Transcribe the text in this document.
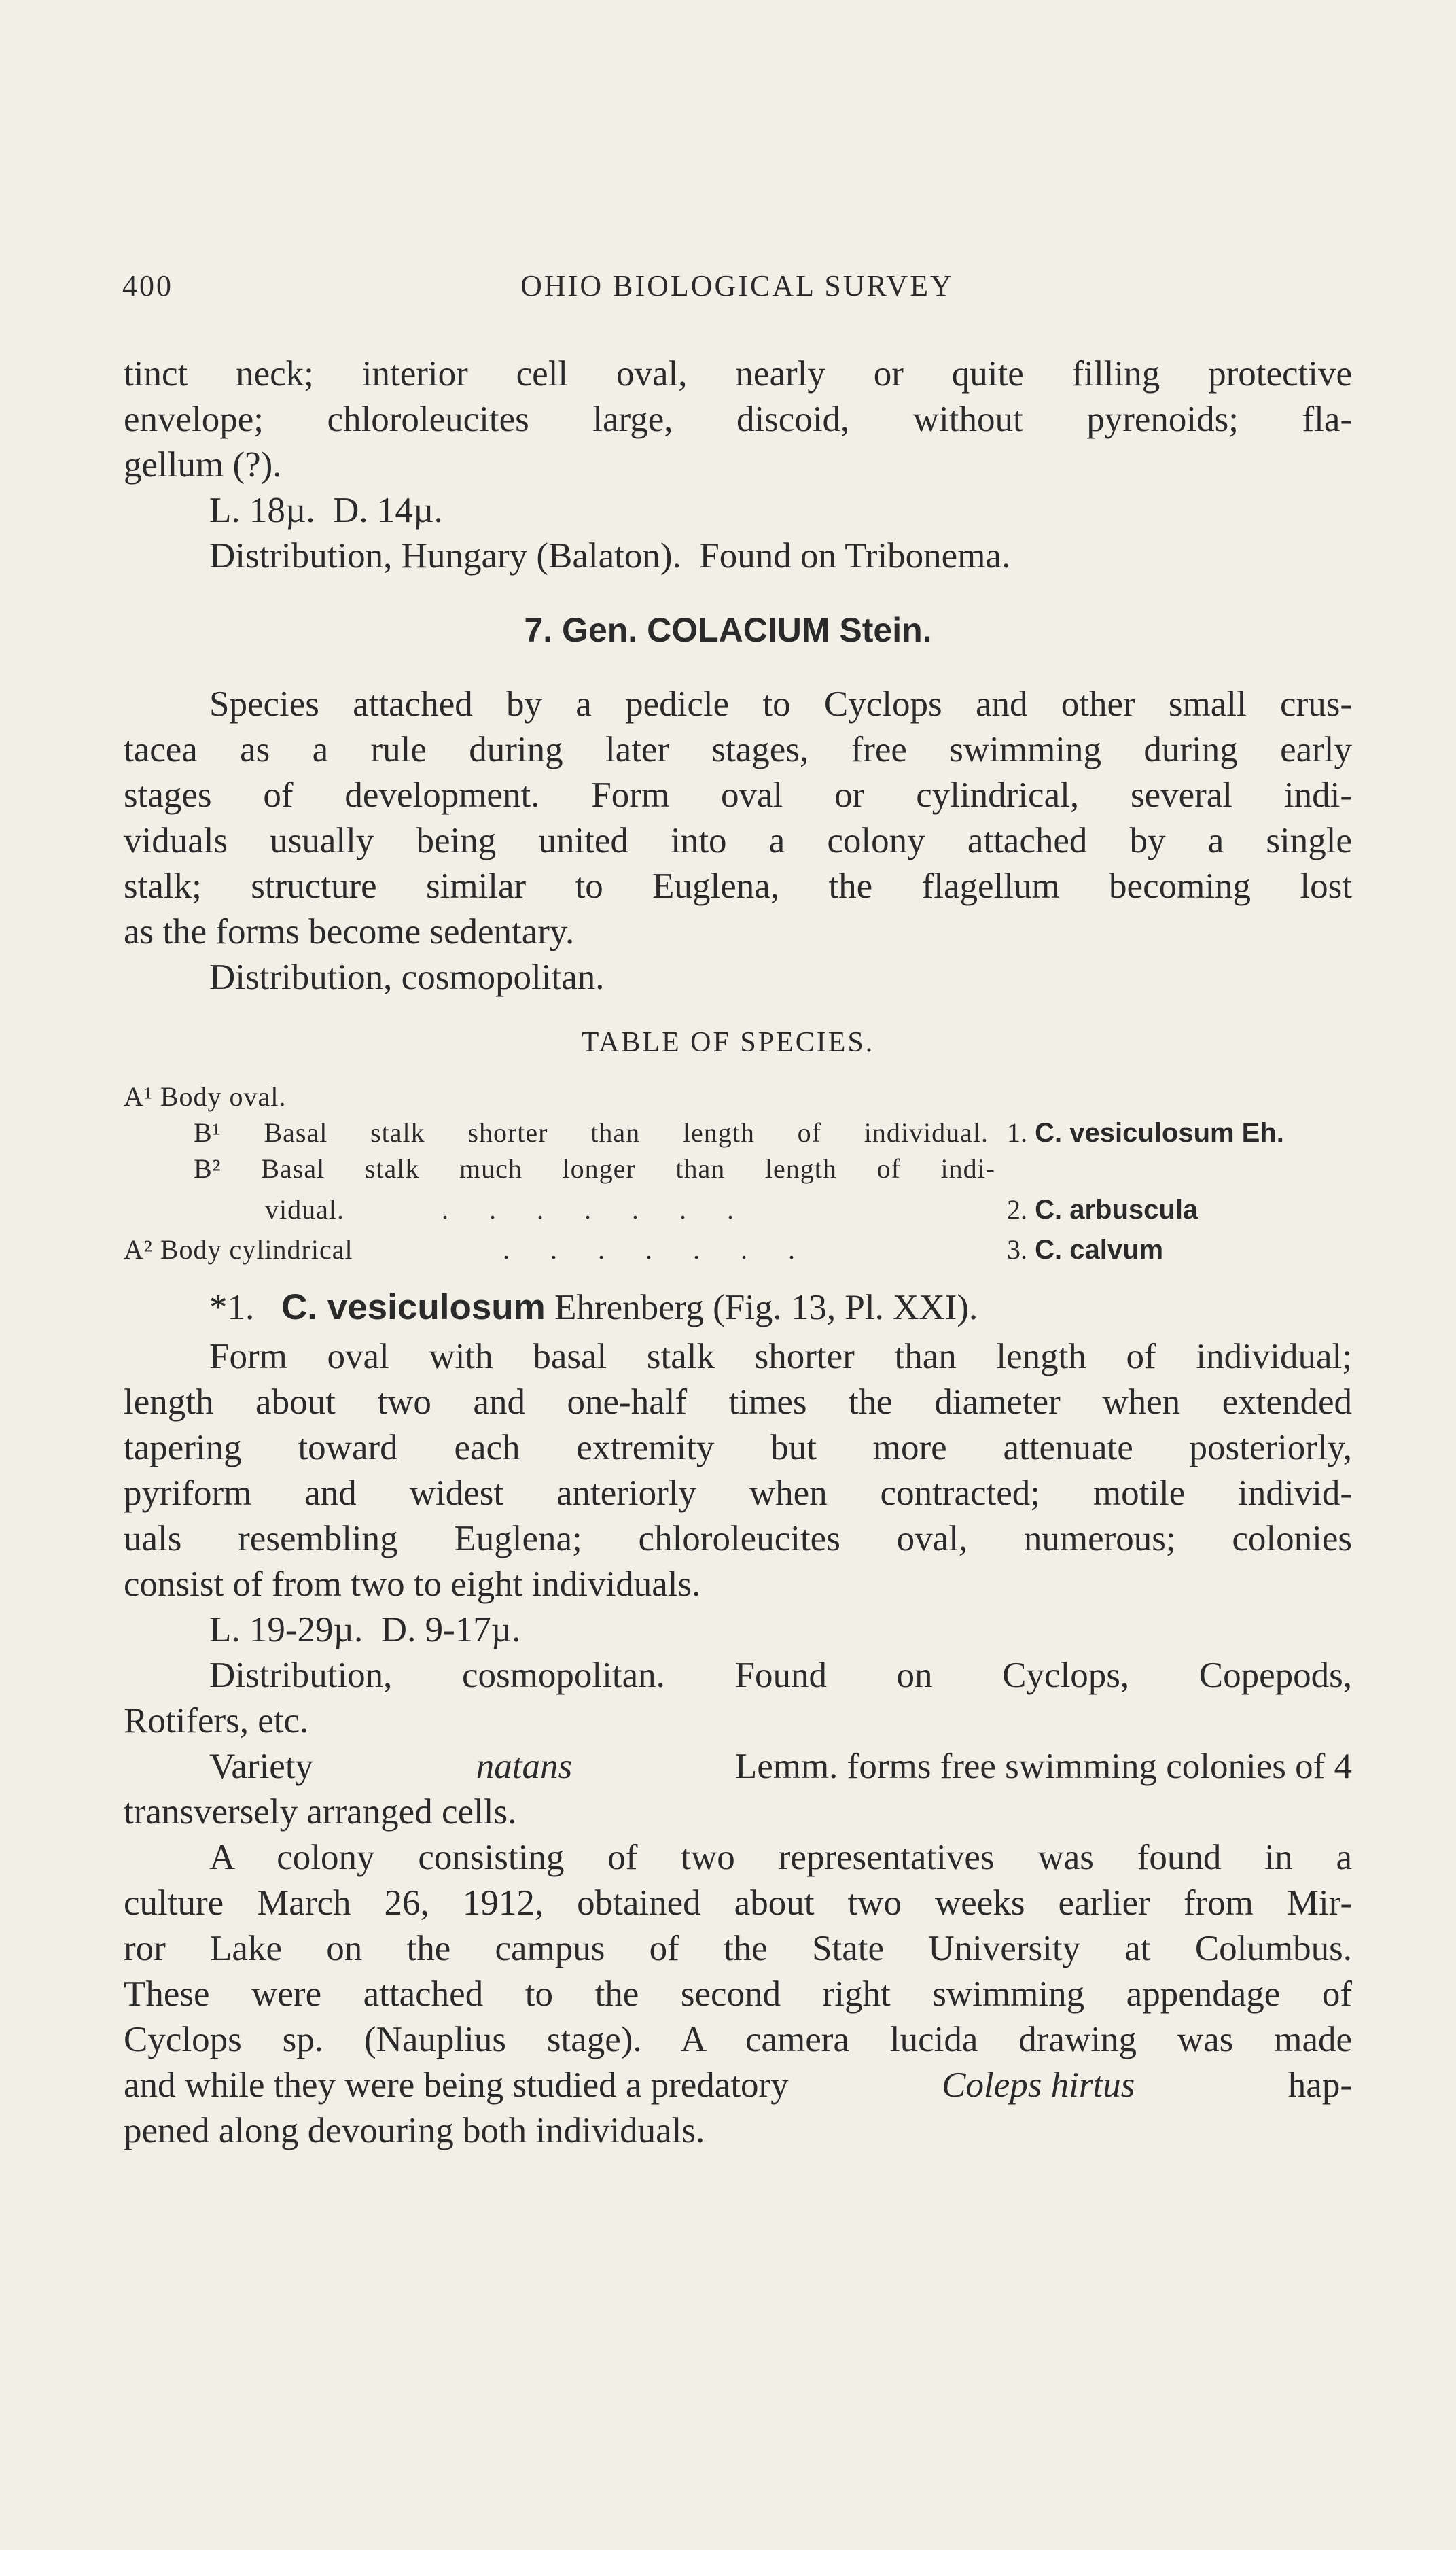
400	OHIO BIOLOGICAL SURVEY
tinct neck; interior cell oval, nearly or quite filling protective
envelope; chloroleucites large, discoid, without pyrenoids; fla-
gellum (?).
L. 18µ.  D. 14µ.
Distribution, Hungary (Balaton).  Found on Tribonema.
7. Gen. COLACIUM Stein.
Species attached by a pedicle to Cyclops and other small crus-
tacea as a rule during later stages, free swimming during early
stages of development. Form oval or cylindrical, several indi-
viduals usually being united into a colony attached by a single
stalk; structure similar to Euglena, the flagellum becoming lost
as the forms become sedentary.
Distribution, cosmopolitan.
TABLE OF SPECIES.
A¹ Body oval.
B¹ Basal stalk shorter than length of individual. 1. C. vesiculosum Eh.
B² Basal stalk much longer than length of indi-
vidual.	.      .      .      .      .      .      .	2. C. arbuscula
A² Body cylindrical	.      .      .      .      .      .      .	3. C. calvum
*1. C. vesiculosum Ehrenberg (Fig. 13, Pl. XXI).
Form oval with basal stalk shorter than length of individual;
length about two and one-half times the diameter when extended
tapering toward each extremity but more attenuate posteriorly,
pyriform and widest anteriorly when contracted; motile individ-
uals resembling Euglena; chloroleucites oval, numerous; colonies
consist of from two to eight individuals.
L. 19-29µ.  D. 9-17µ.
Distribution, cosmopolitan. Found on Cyclops, Copepods,
Rotifers, etc.
Variety	natans	Lemm. forms free swimming colonies of 4
transversely arranged cells.
A colony consisting of two representatives was found in a
culture March 26, 1912, obtained about two weeks earlier from Mir-
ror Lake on the campus of the State University at Columbus.
These were attached to the second right swimming appendage of
Cyclops sp. (Nauplius stage). A camera lucida drawing was made
and while they were being studied a predatory	Coleps hirtus	hap-
pened along devouring both individuals.
